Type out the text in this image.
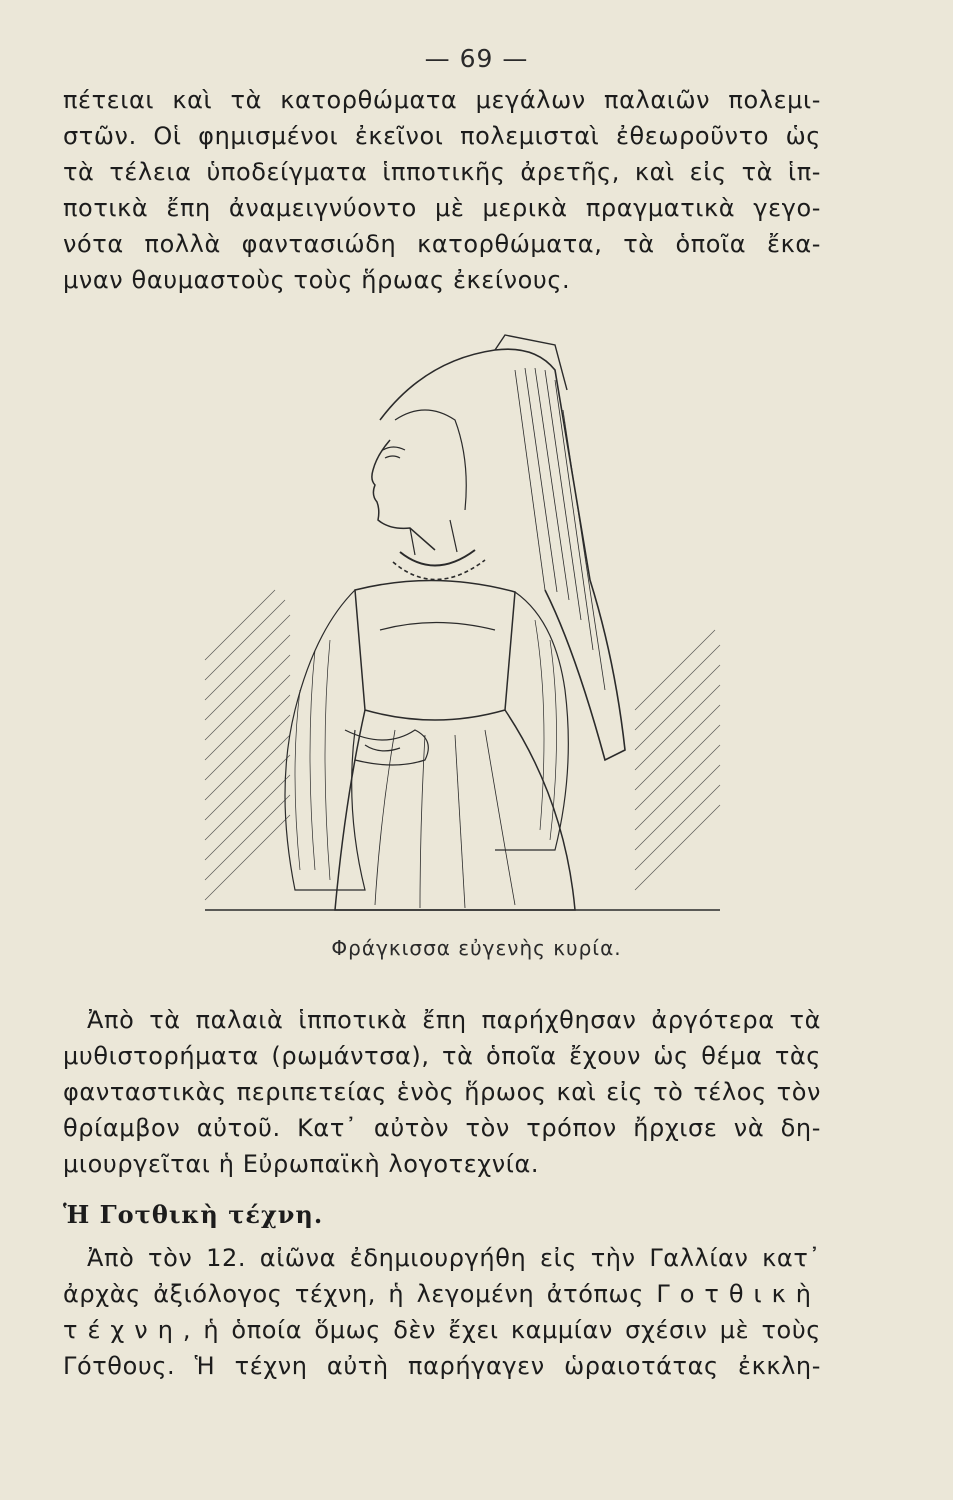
— 69 —
πέτειαι καὶ τὰ κατορθώματα μεγάλων παλαιῶν πολεμι-
στῶν. Οἱ φημισμένοι ἐκεῖνοι πολεμισταὶ ἐθεωροῦντο ὡς
τὰ τέλεια ὑποδείγματα ἱπποτικῆς ἀρετῆς, καὶ εἰς τὰ ἱπ-
ποτικὰ ἔπη ἀναμειγνύοντο μὲ μερικὰ πραγματικὰ γεγο-
νότα πολλὰ φαντασιώδη κατορθώματα, τὰ ὁποῖα ἔκα-
μναν θαυμαστοὺς τοὺς ἥρωας ἐκείνους.
Φράγκισσα εὐγενὴς κυρία.
Ἀπὸ τὰ παλαιὰ ἱπποτικὰ ἔπη παρήχθησαν ἀργότερα τὰ
μυθιστορήματα (ρωμάντσα), τὰ ὁποῖα ἔχουν ὡς θέμα τὰς
φανταστικὰς περιπετείας ἑνὸς ἥρωος καὶ εἰς τὸ τέλος τὸν
θρίαμβον αὐτοῦ. Κατ᾿ αὐτὸν τὸν τρόπον ἤρχισε νὰ δη-
μιουργεῖται ἡ Εὐρωπαϊκὴ λογοτεχνία.
Ἡ Γοτθικὴ τέχνη.
Ἀπὸ τὸν 12. αἰῶνα ἐδημιουργήθη εἰς τὴν Γαλλίαν κατ᾿
ἀρχὰς ἀξιόλογος τέχνη, ἡ λεγομένη ἀτόπως Γοτθικὴ
τέχνη, ἡ ὁποία ὅμως δὲν ἔχει καμμίαν σχέσιν μὲ τοὺς
Γότθους. Ἡ τέχνη αὐτὴ παρήγαγεν ὡραιοτάτας ἐκκλη-
